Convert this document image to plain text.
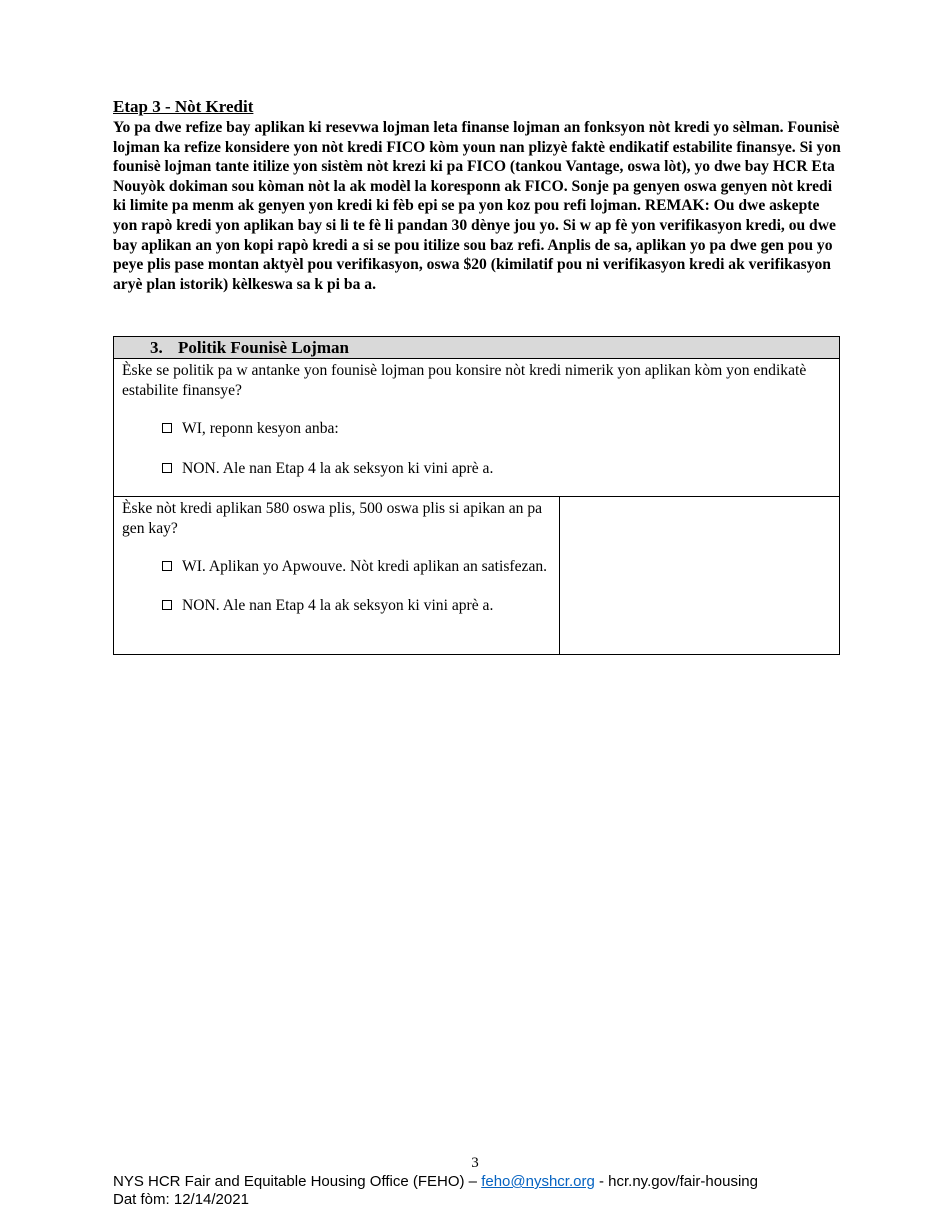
Etap 3 - Nòt Kredit

Yo pa dwe refize bay aplikan ki resevwa lojman leta finanse lojman an fonksyon nòt kredi yo sèlman. Founisè lojman ka refize konsidere yon nòt kredi FICO kòm youn nan plizyè faktè endikatif estabilite finansye. Si yon founisè lojman tante itilize yon sistèm nòt krezi ki pa FICO (tankou Vantage, oswa lòt), yo dwe bay HCR Eta Nouyòk dokiman sou kòman nòt la ak modèl la koresponn ak FICO. Sonje pa genyen oswa genyen nòt kredi ki limite pa menm ak genyen yon kredi ki fèb epi se pa yon koz pou refi lojman. REMAK: Ou dwe askepte yon rapò kredi yon aplikan bay si li te fè li pandan 30 dènye jou yo. Si w ap fè yon verifikasyon kredi, ou dwe bay aplikan an yon kopi rapò kredi a si se pou itilize sou baz refi. Anplis de sa, aplikan yo pa dwe gen pou yo peye plis pase montan aktyèl pou verifikasyon, oswa $20 (kimilatif pou ni verifikasyon kredi ak verifikasyon aryè plan istorik) kèlkeswa sa k pi ba a.

3. Politik Founisè Lojman

Èske se politik pa w antanke yon founisè lojman pou konsire nòt kredi nimerik yon aplikan kòm yon endikatè estabilite finansye?
WI, reponn kesyon anba:
NON. Ale nan Etap 4 la ak seksyon ki vini aprè a.

Èske nòt kredi aplikan 580 oswa plis, 500 oswa plis si apikan an pa gen kay?
WI. Aplikan yo Apwouve. Nòt kredi aplikan an satisfezan.
NON. Ale nan Etap 4 la ak seksyon ki vini aprè a.

3
NYS HCR Fair and Equitable Housing Office (FEHO) – feho@nyshcr.org - hcr.ny.gov/fair-housing
Dat fòm: 12/14/2021
